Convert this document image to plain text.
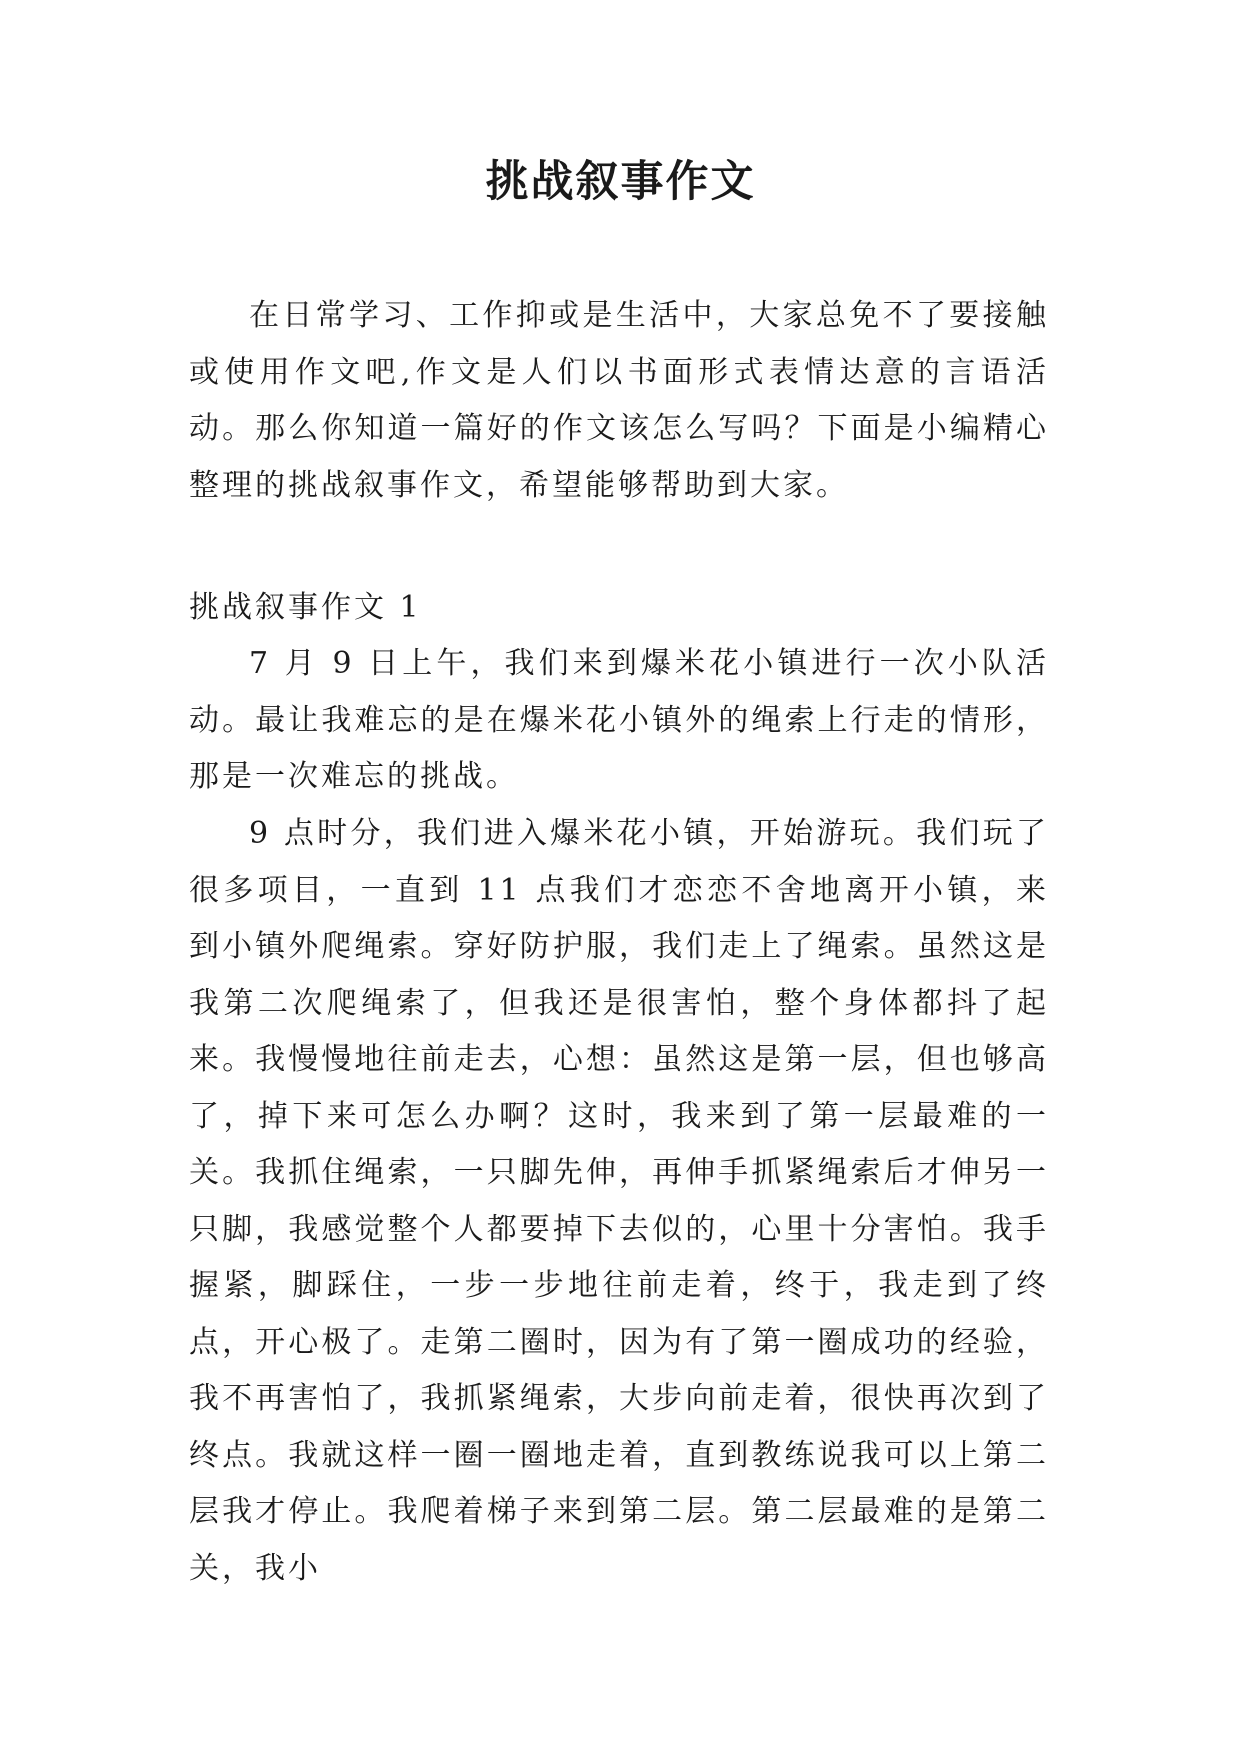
挑战叙事作文

在日常学习、工作抑或是生活中，大家总免不了要接触或使用作文吧,作文是人们以书面形式表情达意的言语活动。那么你知道一篇好的作文该怎么写吗？下面是小编精心整理的挑战叙事作文，希望能够帮助到大家。

挑战叙事作文 1

7 月 9 日上午，我们来到爆米花小镇进行一次小队活动。最让我难忘的是在爆米花小镇外的绳索上行走的情形，那是一次难忘的挑战。

9 点时分，我们进入爆米花小镇，开始游玩。我们玩了很多项目，一直到 11 点我们才恋恋不舍地离开小镇，来到小镇外爬绳索。穿好防护服，我们走上了绳索。虽然这是我第二次爬绳索了，但我还是很害怕，整个身体都抖了起来。我慢慢地往前走去，心想：虽然这是第一层，但也够高了，掉下来可怎么办啊？这时，我来到了第一层最难的一关。我抓住绳索，一只脚先伸，再伸手抓紧绳索后才伸另一只脚，我感觉整个人都要掉下去似的，心里十分害怕。我手握紧，脚踩住，一步一步地往前走着，终于，我走到了终点，开心极了。走第二圈时，因为有了第一圈成功的经验，我不再害怕了，我抓紧绳索，大步向前走着，很快再次到了终点。我就这样一圈一圈地走着，直到教练说我可以上第二层我才停止。我爬着梯子来到第二层。第二层最难的是第二关，我小
